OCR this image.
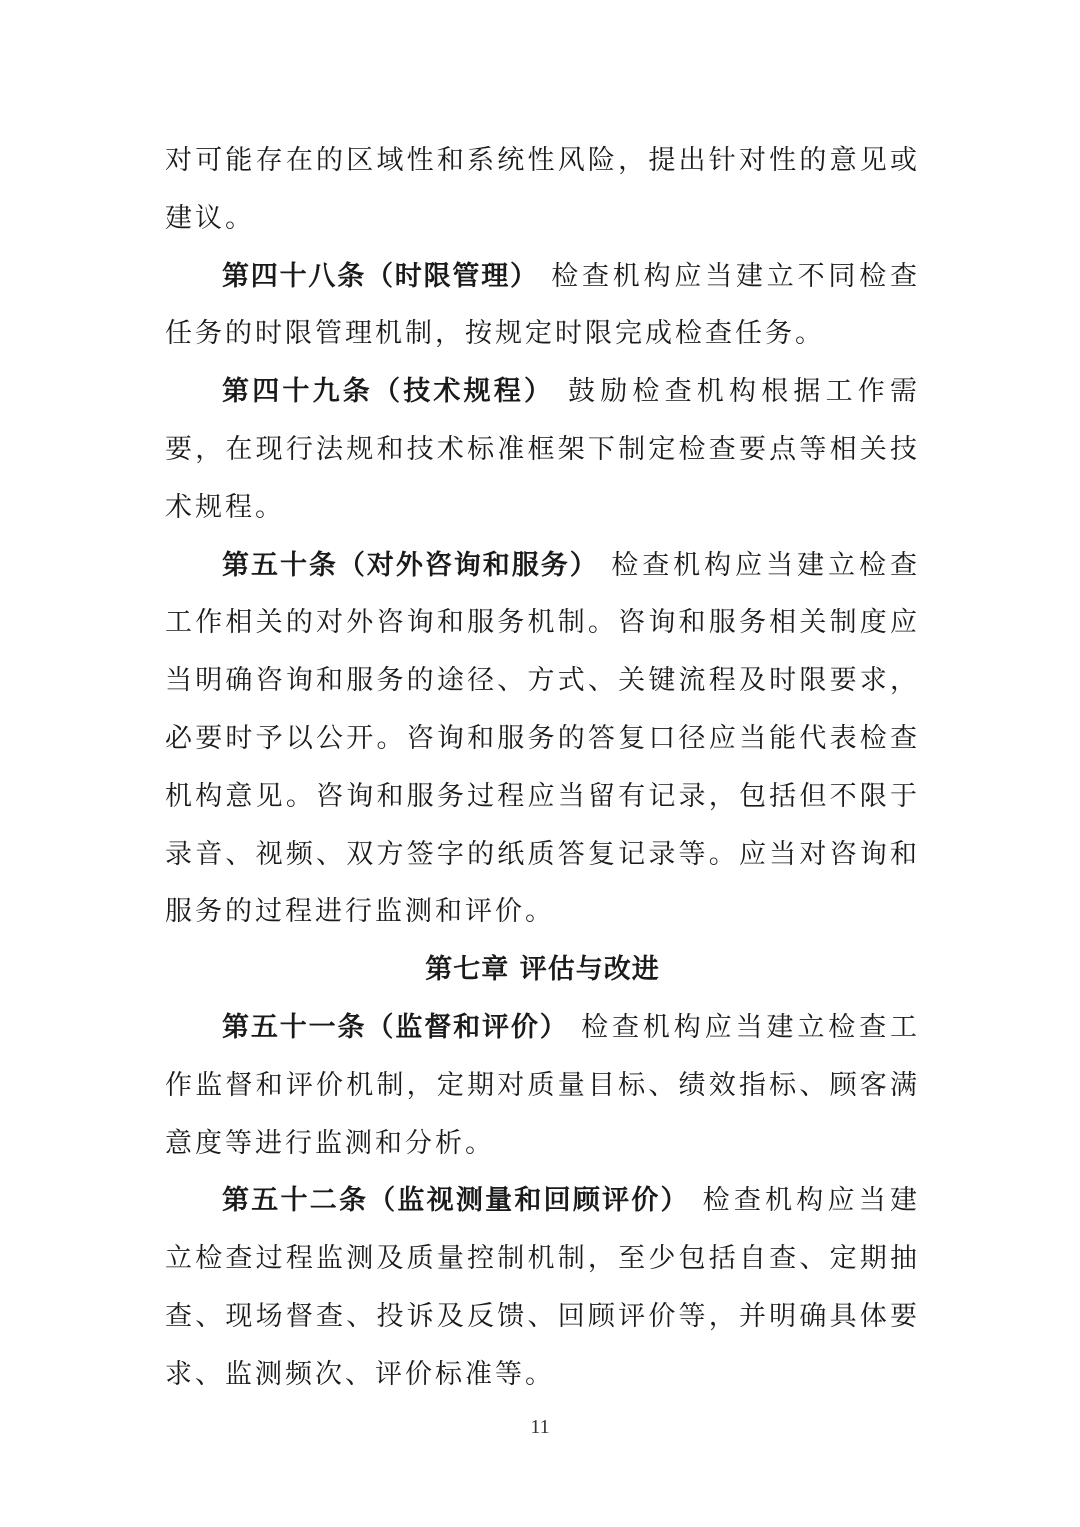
对可能存在的区域性和系统性风险，提出针对性的意见或建议。

第四十八条（时限管理） 检查机构应当建立不同检查任务的时限管理机制，按规定时限完成检查任务。

第四十九条（技术规程） 鼓励检查机构根据工作需要，在现行法规和技术标准框架下制定检查要点等相关技术规程。

第五十条（对外咨询和服务） 检查机构应当建立检查工作相关的对外咨询和服务机制。咨询和服务相关制度应当明确咨询和服务的途径、方式、关键流程及时限要求，必要时予以公开。咨询和服务的答复口径应当能代表检查机构意见。咨询和服务过程应当留有记录，包括但不限于录音、视频、双方签字的纸质答复记录等。应当对咨询和服务的过程进行监测和评价。

第七章 评估与改进

第五十一条（监督和评价） 检查机构应当建立检查工作监督和评价机制，定期对质量目标、绩效指标、顾客满意度等进行监测和分析。

第五十二条（监视测量和回顾评价） 检查机构应当建立检查过程监测及质量控制机制，至少包括自查、定期抽查、现场督查、投诉及反馈、回顾评价等，并明确具体要求、监测频次、评价标准等。

11
